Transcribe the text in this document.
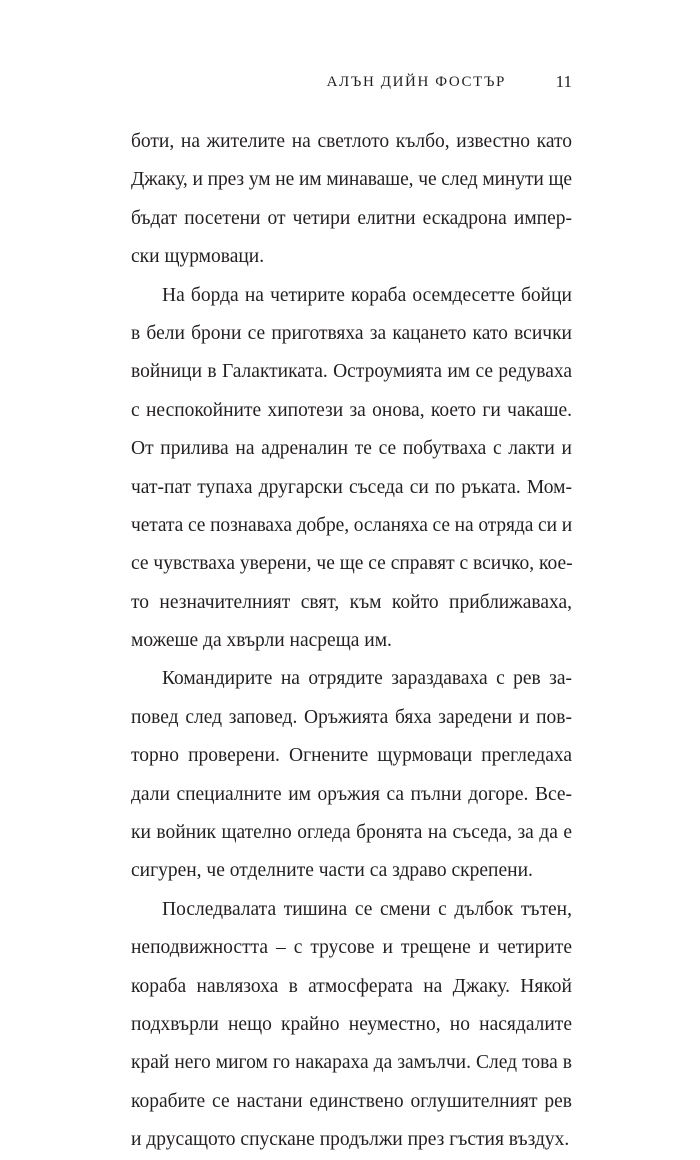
АЛЪН ДИЙН ФОСТЪР	11
боти, на жителите на светлото кълбо, известно като
Джаку, и през ум не им минаваше, че след минути ще
бъдат посетени от четири елитни ескадрона импер-
ски щурмоваци.
На борда на четирите кораба осемдесетте бойци
в бели брони се приготвяха за кацането като всички
войници в Галактиката. Остроумията им се редуваха
с неспокойните хипотези за онова, което ги чакаше.
От прилива на адреналин те се побутваха с лакти и
чат-пат тупаха другарски съседа си по ръката. Мом-
четата се познаваха добре, осланяха се на отряда си и
се чувстваха уверени, че ще се справят с всичко, кое-
то незначителният свят, към който приближаваха,
можеше да хвърли насреща им.
Командирите на отрядите зараздаваха с рев за-
повед след заповед. Оръжията бяха заредени и пов-
торно проверени. Огнените щурмоваци прегледаха
дали специалните им оръжия са пълни догоре. Все-
ки войник щателно огледа бронята на съседа, за да е
сигурен, че отделните части са здраво скрепени.
Последвалата тишина се смени с дълбок тътен,
неподвижността – с трусове и трещене и четирите
кораба навлязоха в атмосферата на Джаку. Някой
подхвърли нещо крайно неуместно, но насядалите
край него мигом го накараха да замълчи. След това в
корабите се настани единствено оглушителният рев
и друсащото спускане продължи през гъстия въздух.
